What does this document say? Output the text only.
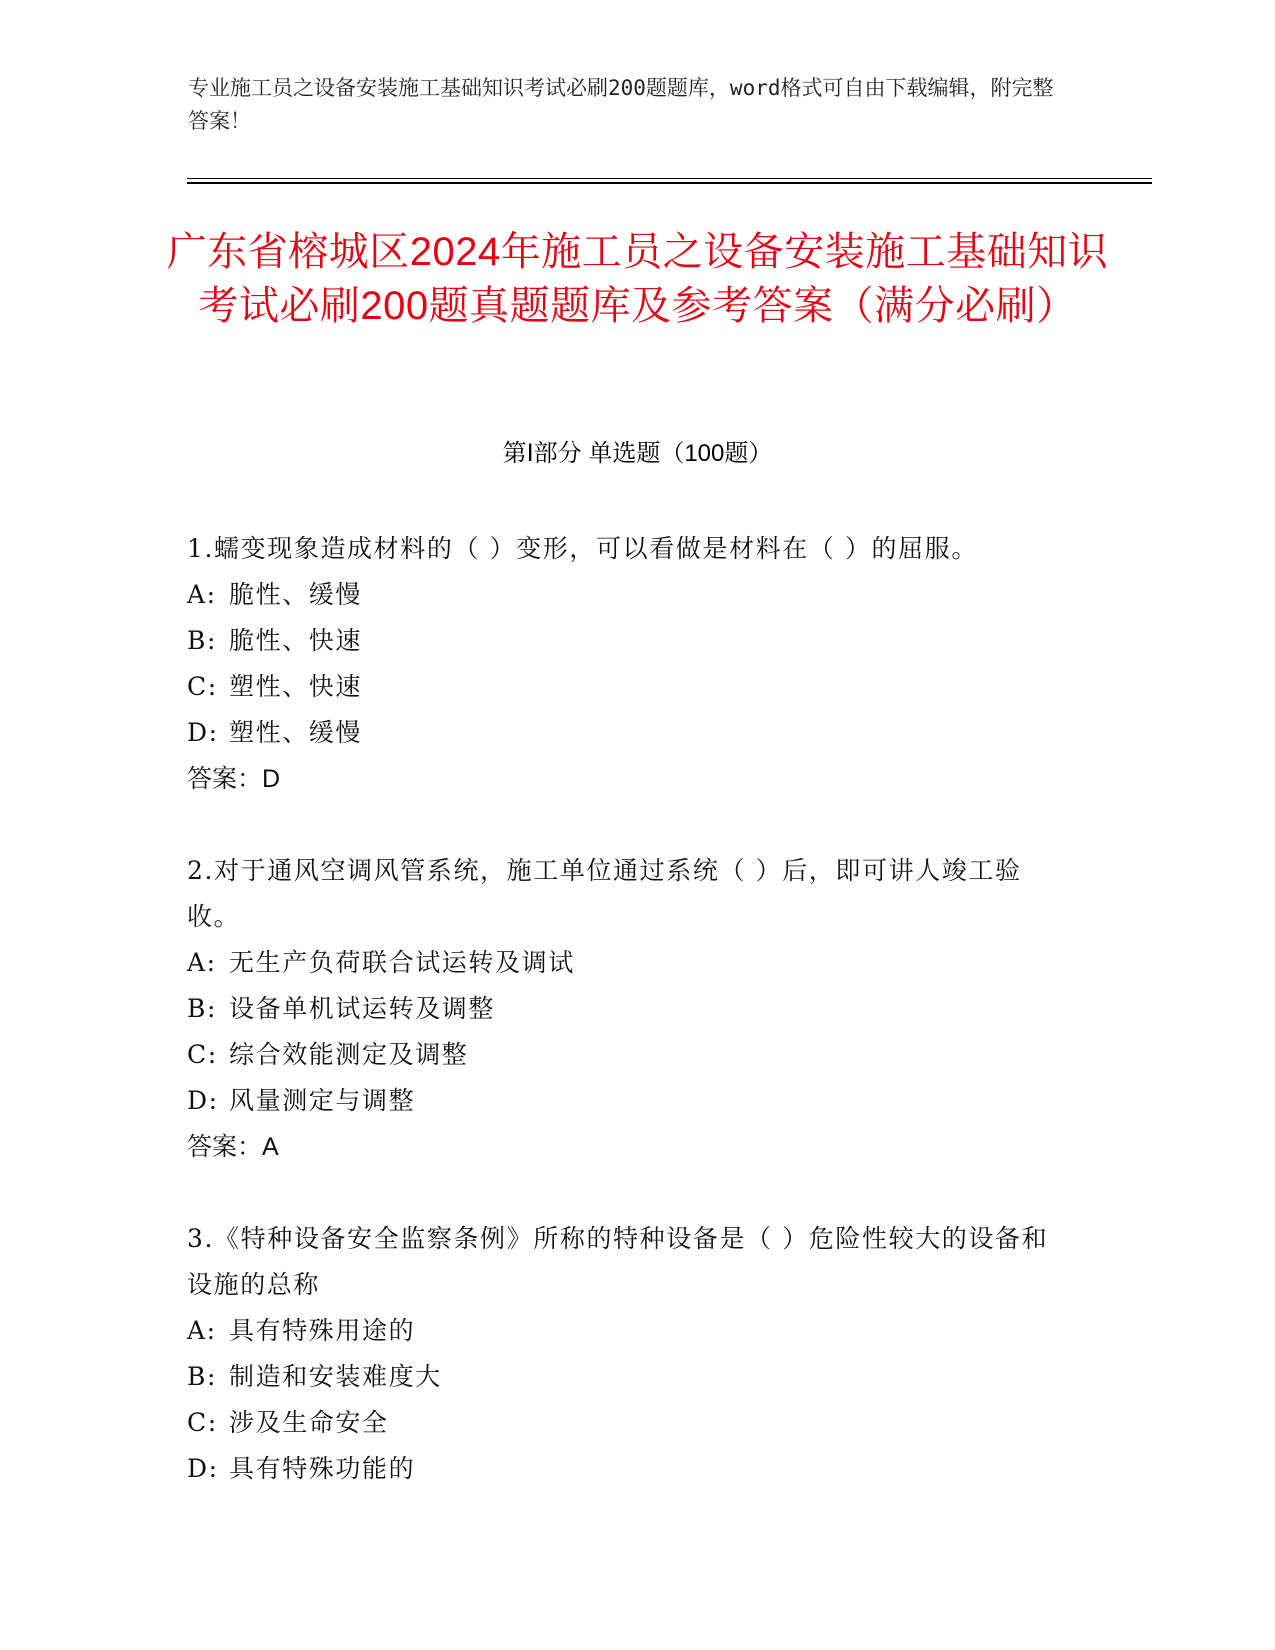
专业施工员之设备安装施工基础知识考试必刷200题题库，word格式可自由下载编辑，附完整答案！
广东省榕城区2024年施工员之设备安装施工基础知识考试必刷200题真题题库及参考答案（满分必刷）
第Ⅰ部分 单选题（100题）
1.蠕变现象造成材料的（ ）变形，可以看做是材料在（ ）的屈服。
A: 脆性、缓慢
B: 脆性、快速
C: 塑性、快速
D: 塑性、缓慢
答案：D
2.对于通风空调风管系统，施工单位通过系统（ ）后，即可讲人竣工验收。
A: 无生产负荷联合试运转及调试
B: 设备单机试运转及调整
C: 综合效能测定及调整
D: 风量测定与调整
答案：A
3.《特种设备安全监察条例》所称的特种设备是（ ）危险性较大的设备和设施的总称
A: 具有特殊用途的
B: 制造和安装难度大
C: 涉及生命安全
D: 具有特殊功能的
